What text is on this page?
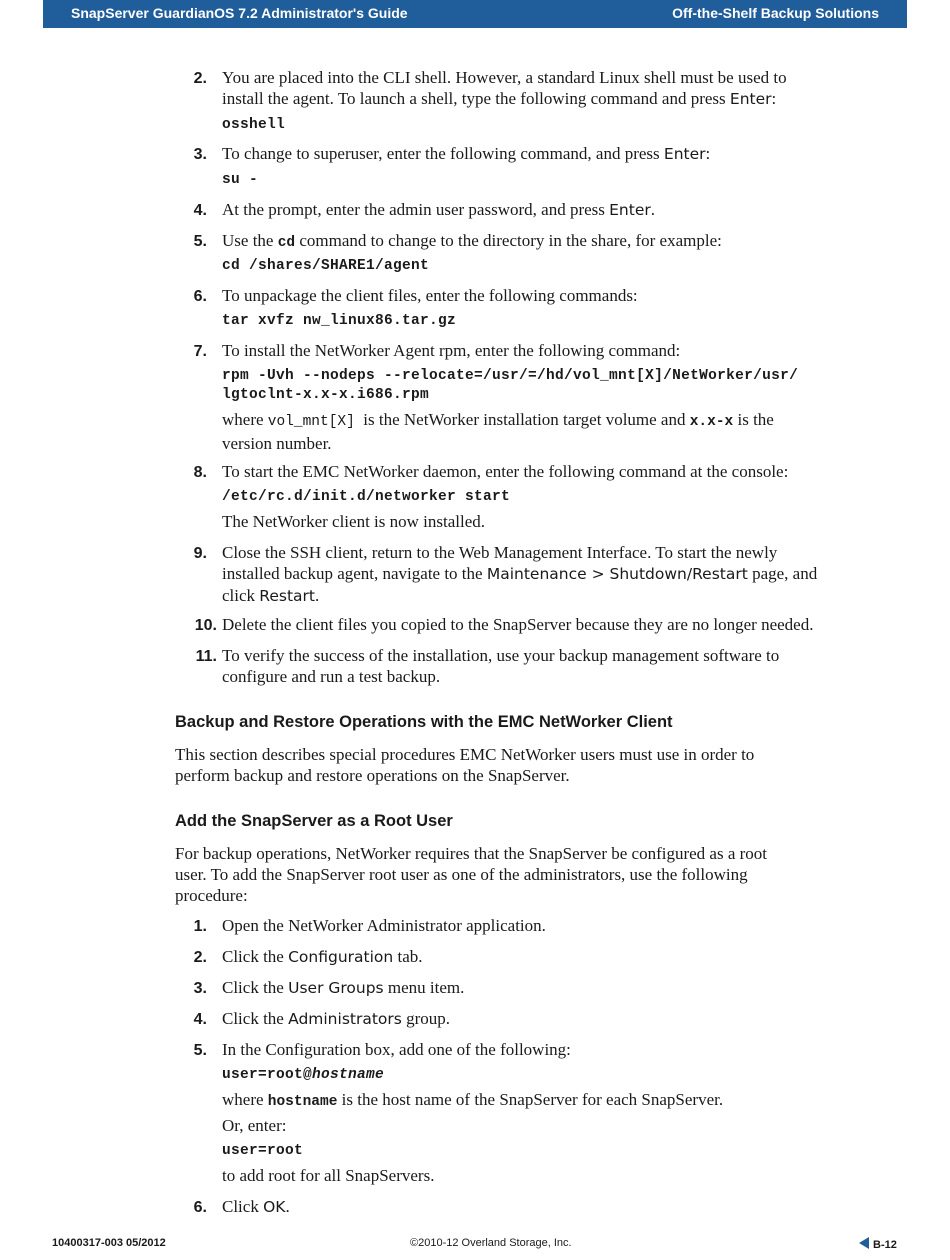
SnapServer GuardianOS 7.2 Administrator's Guide	Off-the-Shelf Backup Solutions
2. You are placed into the CLI shell. However, a standard Linux shell must be used to
install the agent. To launch a shell, type the following command and press Enter:
osshell
3. To change to superuser, enter the following command, and press Enter:
su -
4. At the prompt, enter the admin user password, and press Enter.
5. Use the cd command to change to the directory in the share, for example:
cd /shares/SHARE1/agent
6. To unpackage the client files, enter the following commands:
tar xvfz nw_linux86.tar.gz
7. To install the NetWorker Agent rpm, enter the following command:
rpm -Uvh --nodeps --relocate=/usr/=/hd/vol_mnt[X]/NetWorker/usr/
lgtoclnt-x.x-x.i686.rpm
where vol_mnt[X]  is the NetWorker installation target volume and x.x-x is the
version number.
8. To start the EMC NetWorker daemon, enter the following command at the console:
/etc/rc.d/init.d/networker start
The NetWorker client is now installed.
9. Close the SSH client, return to the Web Management Interface. To start the newly
installed backup agent, navigate to the Maintenance > Shutdown/Restart page, and
click Restart.
10. Delete the client files you copied to the SnapServer because they are no longer needed.
11. To verify the success of the installation, use your backup management software to
configure and run a test backup.
Backup and Restore Operations with the EMC NetWorker Client
This section describes special procedures EMC NetWorker users must use in order to
perform backup and restore operations on the SnapServer.
Add the SnapServer as a Root User
For backup operations, NetWorker requires that the SnapServer be configured as a root
user. To add the SnapServer root user as one of the administrators, use the following
procedure:
1. Open the NetWorker Administrator application.
2. Click the Configuration tab.
3. Click the User Groups menu item.
4. Click the Administrators group.
5. In the Configuration box, add one of the following:
user=root@hostname
where hostname is the host name of the SnapServer for each SnapServer.
Or, enter:
user=root
to add root for all SnapServers.
6. Click OK.
10400317-003 05/2012	©2010-12 Overland Storage, Inc.	B-12
